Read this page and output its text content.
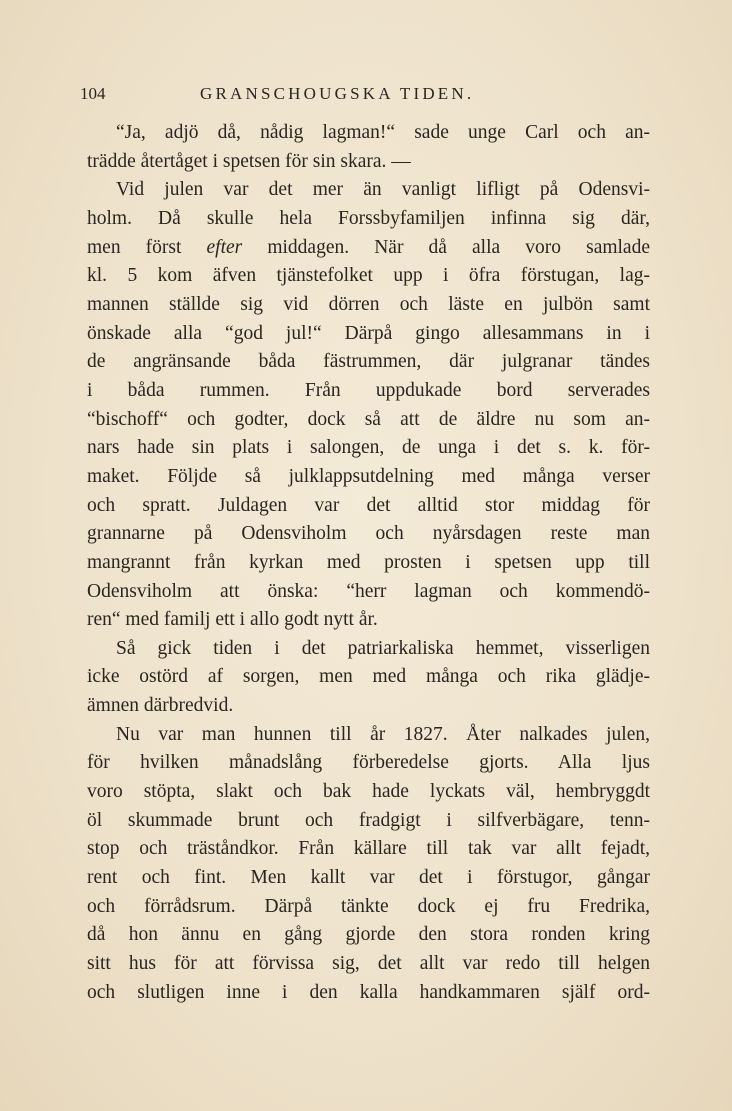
104	GRANSCHOUGSKA TIDEN.
“Ja, adjö då, nådig lagman!“ sade unge Carl och an-
trädde återtåget i spetsen för sin skara. —
Vid julen var det mer än vanligt lifligt på Odensvi-
holm. Då skulle hela Forssbyfamiljen infinna sig där,
men först efter middagen. När då alla voro samlade
kl. 5 kom äfven tjänstefolket upp i öfra förstugan, lag-
mannen ställde sig vid dörren och läste en julbön samt
önskade alla “god jul!“ Därpå gingo allesammans in i
de angränsande båda fästrummen, där julgranar tändes
i båda rummen. Från uppdukade bord serverades
“bischoff“ och godter, dock så att de äldre nu som an-
nars hade sin plats i salongen, de unga i det s. k. för-
maket. Följde så julklappsutdelning med många verser
och spratt. Juldagen var det alltid stor middag för
grannarne på Odensviholm och nyårsdagen reste man
mangrannt från kyrkan med prosten i spetsen upp till
Odensviholm att önska: “herr lagman och kommendö-
ren“ med familj ett i allo godt nytt år.
Så gick tiden i det patriarkaliska hemmet, visserligen
icke ostörd af sorgen, men med många och rika glädje-
ämnen därbredvid.
Nu var man hunnen till år 1827. Åter nalkades julen,
för hvilken månadslång förberedelse gjorts. Alla ljus
voro stöpta, slakt och bak hade lyckats väl, hembryggdt
öl skummade brunt och fradgigt i silfverbägare, tenn-
stop och träståndkor. Från källare till tak var allt fejadt,
rent och fint. Men kallt var det i förstugor, gångar
och förrådsrum. Därpå tänkte dock ej fru Fredrika,
då hon ännu en gång gjorde den stora ronden kring
sitt hus för att förvissa sig, det allt var redo till helgen
och slutligen inne i den kalla handkammaren själf ord-
